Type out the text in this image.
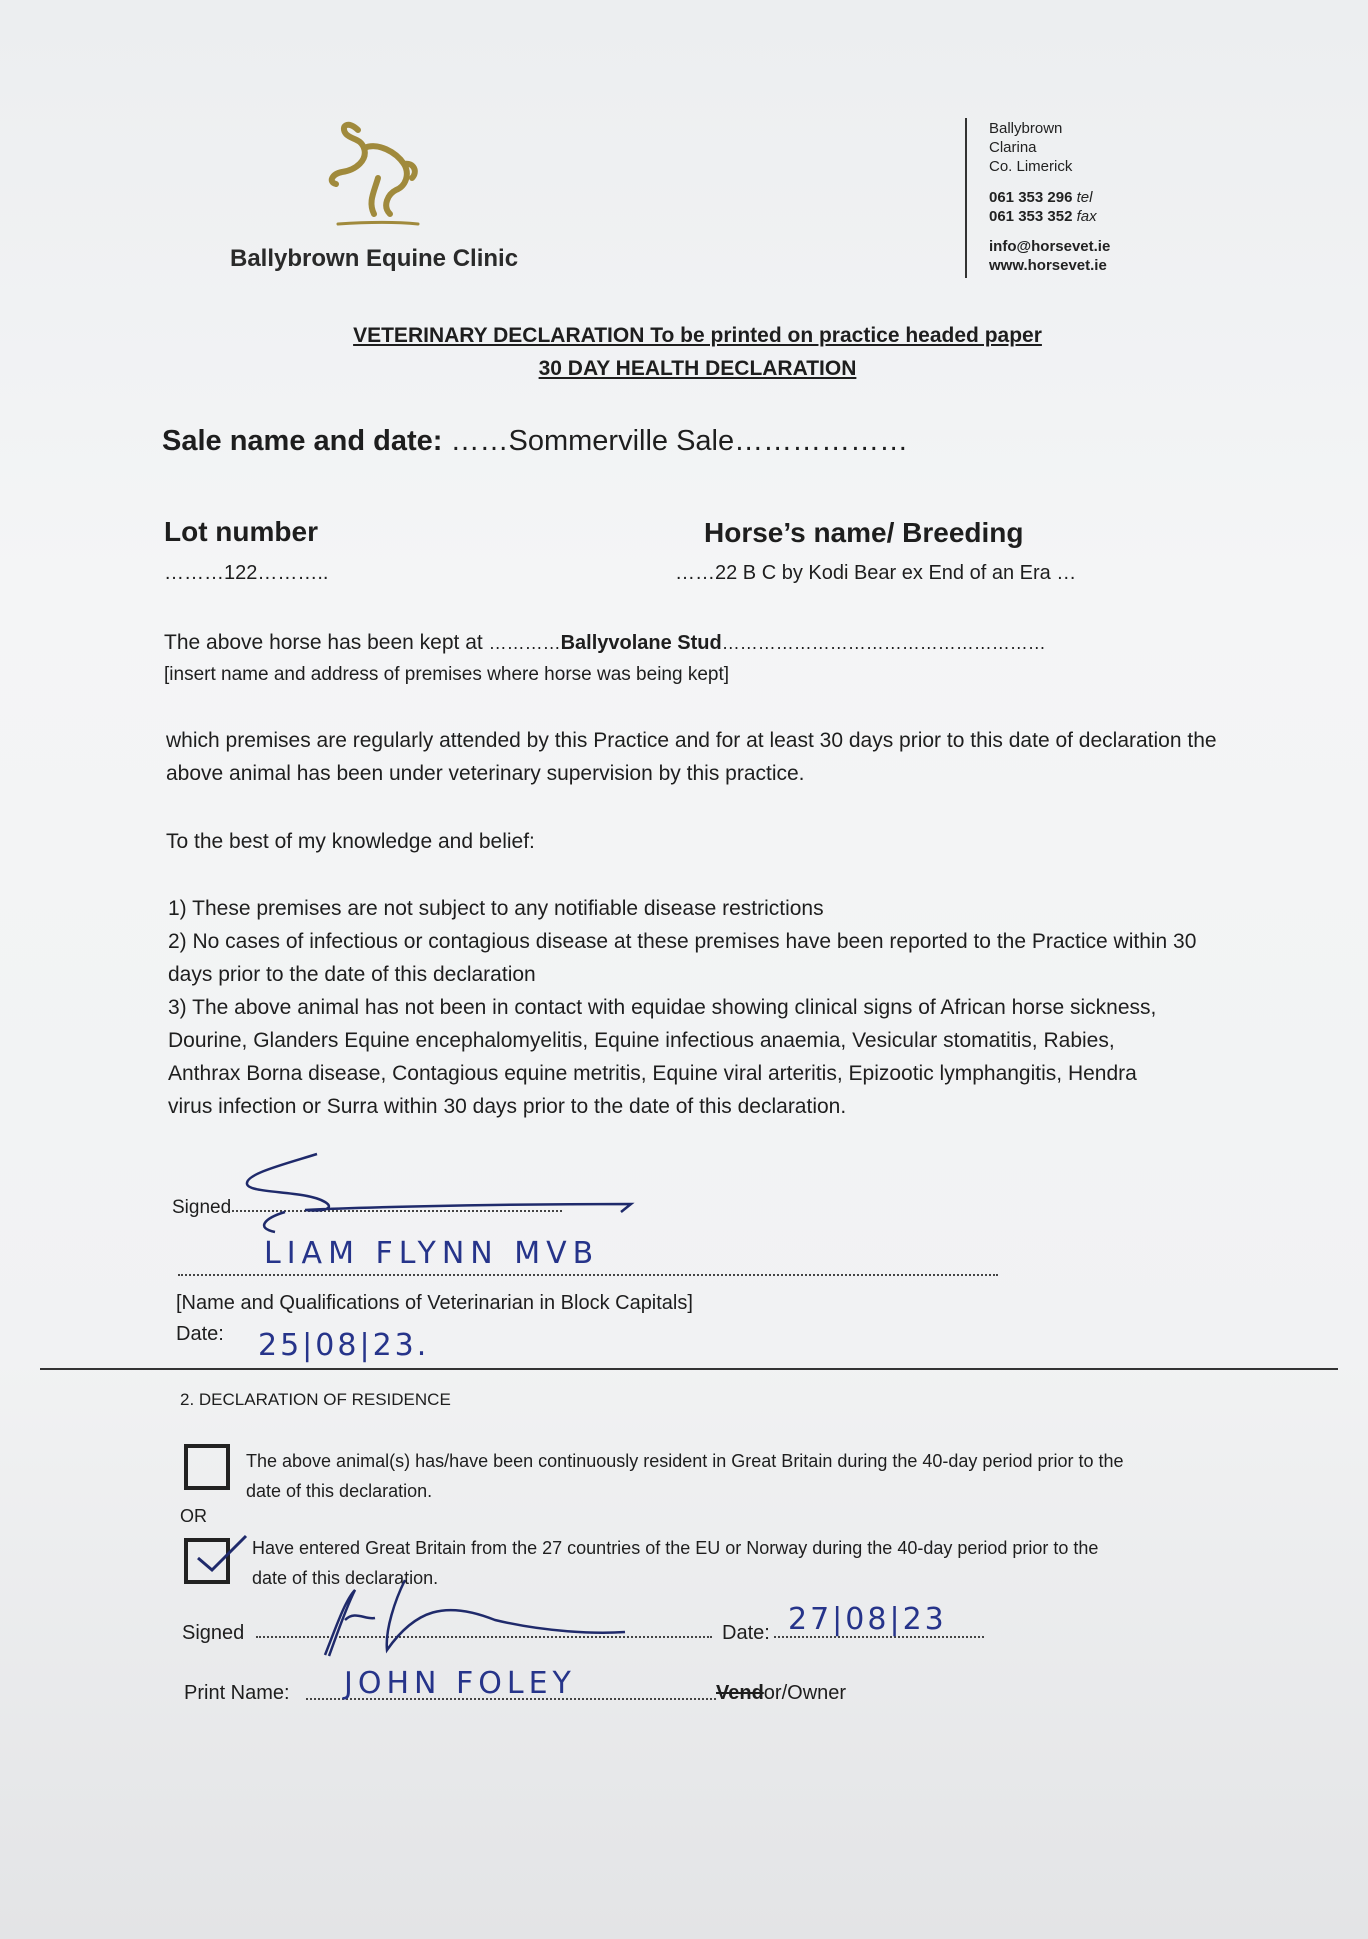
Ballybrown Equine Clinic
Ballybrown
Clarina
Co. Limerick
061 353 296 tel
061 353 352 fax
info@horsevet.ie
www.horsevet.ie
VETERINARY DECLARATION To be printed on practice headed paper
30 DAY HEALTH DECLARATION
Sale name and date: ……Sommerville Sale………………
Lot number	Horse’s name/ Breeding
………122………..	……22 B C by Kodi Bear ex End of an Era …
The above horse has been kept at …………Ballyvolane Stud………………………………………………
[insert name and address of premises where horse was being kept]
which premises are regularly attended by this Practice and for at least 30 days prior to this date of declaration the above animal has been under veterinary supervision by this practice.
To the best of my knowledge and belief:
1) These premises are not subject to any notifiable disease restrictions
2) No cases of infectious or contagious disease at these premises have been reported to the Practice within 30 days prior to the date of this declaration
3) The above animal has not been in contact with equidae showing clinical signs of African horse sickness, Dourine, Glanders Equine encephalomyelitis, Equine infectious anaemia, Vesicular stomatitis, Rabies, Anthrax Borna disease, Contagious equine metritis, Equine viral arteritis, Epizootic lymphangitis, Hendra virus infection or Surra within 30 days prior to the date of this declaration.
Signed
LIAM FLYNN MVB
[Name and Qualifications of Veterinarian in Block Capitals]
Date: 25|08|23.
2. DECLARATION OF RESIDENCE
The above animal(s) has/have been continuously resident in Great Britain during the 40-day period prior to the date of this declaration.
OR
Have entered Great Britain from the 27 countries of the EU or Norway during the 40-day period prior to the date of this declaration.
Signed	Date: 27|08|23
Print Name: JOHN FOLEY	Vendor/Owner
